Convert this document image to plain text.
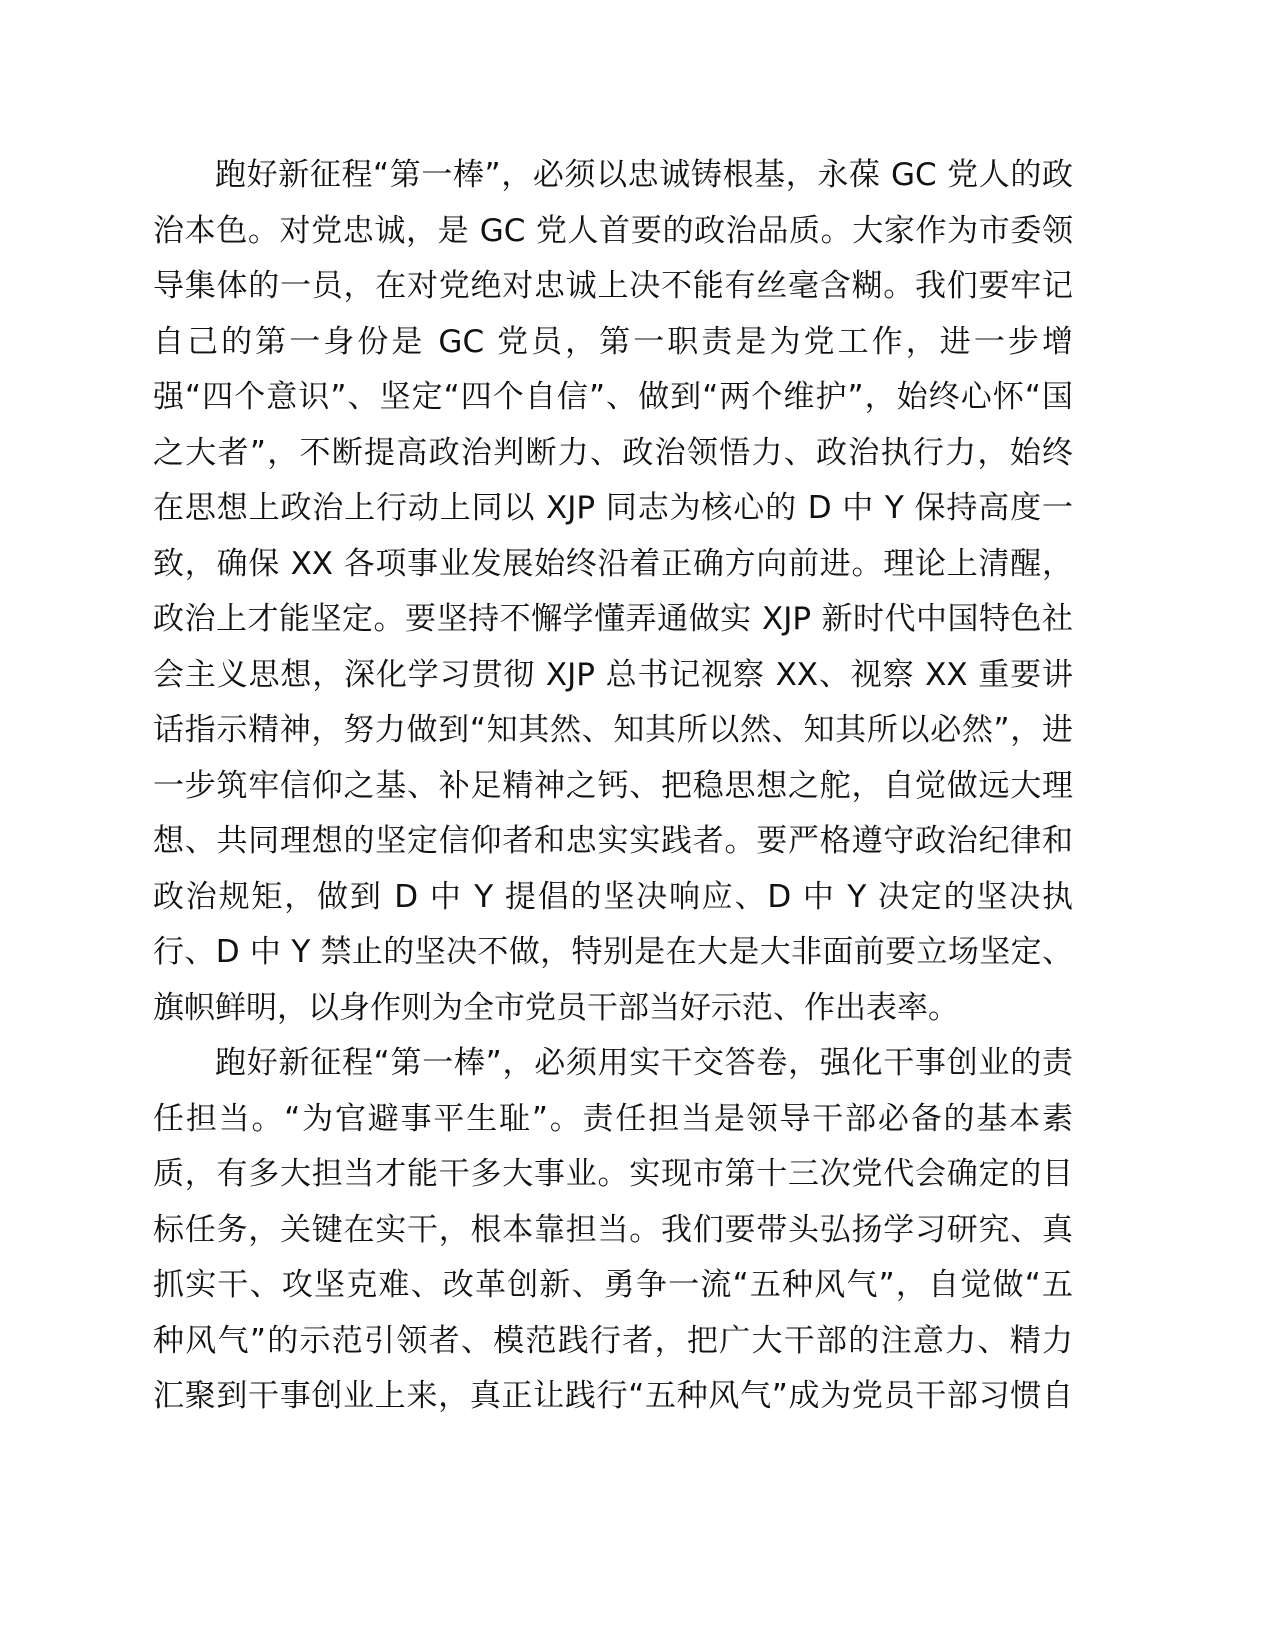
跑好新征程“第一棒”，必须以忠诚铸根基，永葆 GC 党人的政
治本色。对党忠诚，是 GC 党人首要的政治品质。大家作为市委领
导集体的一员，在对党绝对忠诚上决不能有丝毫含糊。我们要牢记
自己的第一身份是 GC 党员，第一职责是为党工作，进一步增
强“四个意识”、坚定“四个自信”、做到“两个维护”，始终心怀“国
之大者”，不断提高政治判断力、政治领悟力、政治执行力，始终
在思想上政治上行动上同以 XJP 同志为核心的 D 中 Y 保持高度一
致，确保 XX 各项事业发展始终沿着正确方向前进。理论上清醒，
政治上才能坚定。要坚持不懈学懂弄通做实 XJP 新时代中国特色社
会主义思想，深化学习贯彻 XJP 总书记视察 XX、视察 XX 重要讲
话指示精神，努力做到“知其然、知其所以然、知其所以必然”，进
一步筑牢信仰之基、补足精神之钙、把稳思想之舵，自觉做远大理
想、共同理想的坚定信仰者和忠实实践者。要严格遵守政治纪律和
政治规矩，做到 D 中 Y 提倡的坚决响应、D 中 Y 决定的坚决执
行、D 中 Y 禁止的坚决不做，特别是在大是大非面前要立场坚定、
旗帜鲜明，以身作则为全市党员干部当好示范、作出表率。
跑好新征程“第一棒”，必须用实干交答卷，强化干事创业的责
任担当。“为官避事平生耻”。责任担当是领导干部必备的基本素
质，有多大担当才能干多大事业。实现市第十三次党代会确定的目
标任务，关键在实干，根本靠担当。我们要带头弘扬学习研究、真
抓实干、攻坚克难、改革创新、勇争一流“五种风气”，自觉做“五
种风气”的示范引领者、模范践行者，把广大干部的注意力、精力
汇聚到干事创业上来，真正让践行“五种风气”成为党员干部习惯自
